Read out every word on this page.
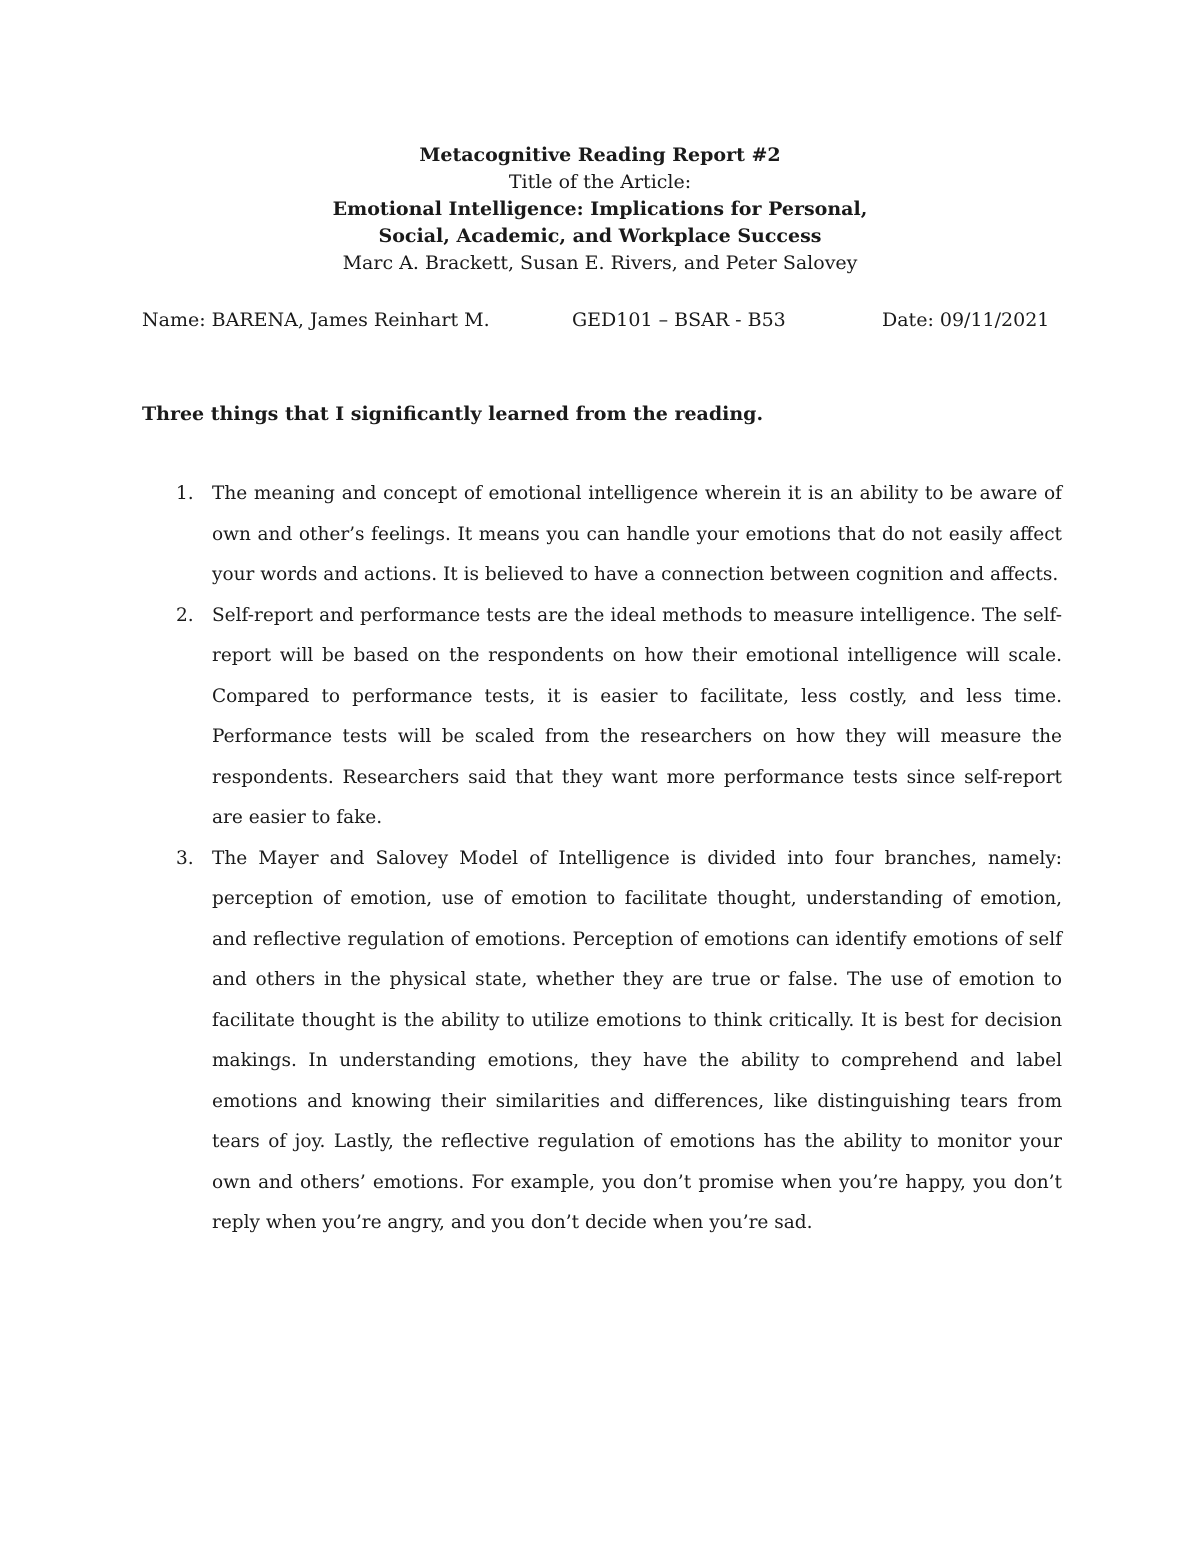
Metacognitive Reading Report #2
Title of the Article:
Emotional Intelligence: Implications for Personal,
Social, Academic, and Workplace Success
Marc A. Brackett, Susan E. Rivers, and Peter Salovey
Name: BARENA, James Reinhart M.	GED101 – BSAR - B53	Date: 09/11/2021
Three things that I significantly learned from the reading.
1. The meaning and concept of emotional intelligence wherein it is an ability to be aware of own and other’s feelings. It means you can handle your emotions that do not easily affect your words and actions. It is believed to have a connection between cognition and affects.
2. Self-report and performance tests are the ideal methods to measure intelligence. The self-report will be based on the respondents on how their emotional intelligence will scale. Compared to performance tests, it is easier to facilitate, less costly, and less time. Performance tests will be scaled from the researchers on how they will measure the respondents. Researchers said that they want more performance tests since self-report are easier to fake.
3. The Mayer and Salovey Model of Intelligence is divided into four branches, namely: perception of emotion, use of emotion to facilitate thought, understanding of emotion, and reflective regulation of emotions. Perception of emotions can identify emotions of self and others in the physical state, whether they are true or false. The use of emotion to facilitate thought is the ability to utilize emotions to think critically. It is best for decision makings. In understanding emotions, they have the ability to comprehend and label emotions and knowing their similarities and differences, like distinguishing tears from tears of joy. Lastly, the reflective regulation of emotions has the ability to monitor your own and others’ emotions. For example, you don’t promise when you’re happy, you don’t reply when you’re angry, and you don’t decide when you’re sad.
